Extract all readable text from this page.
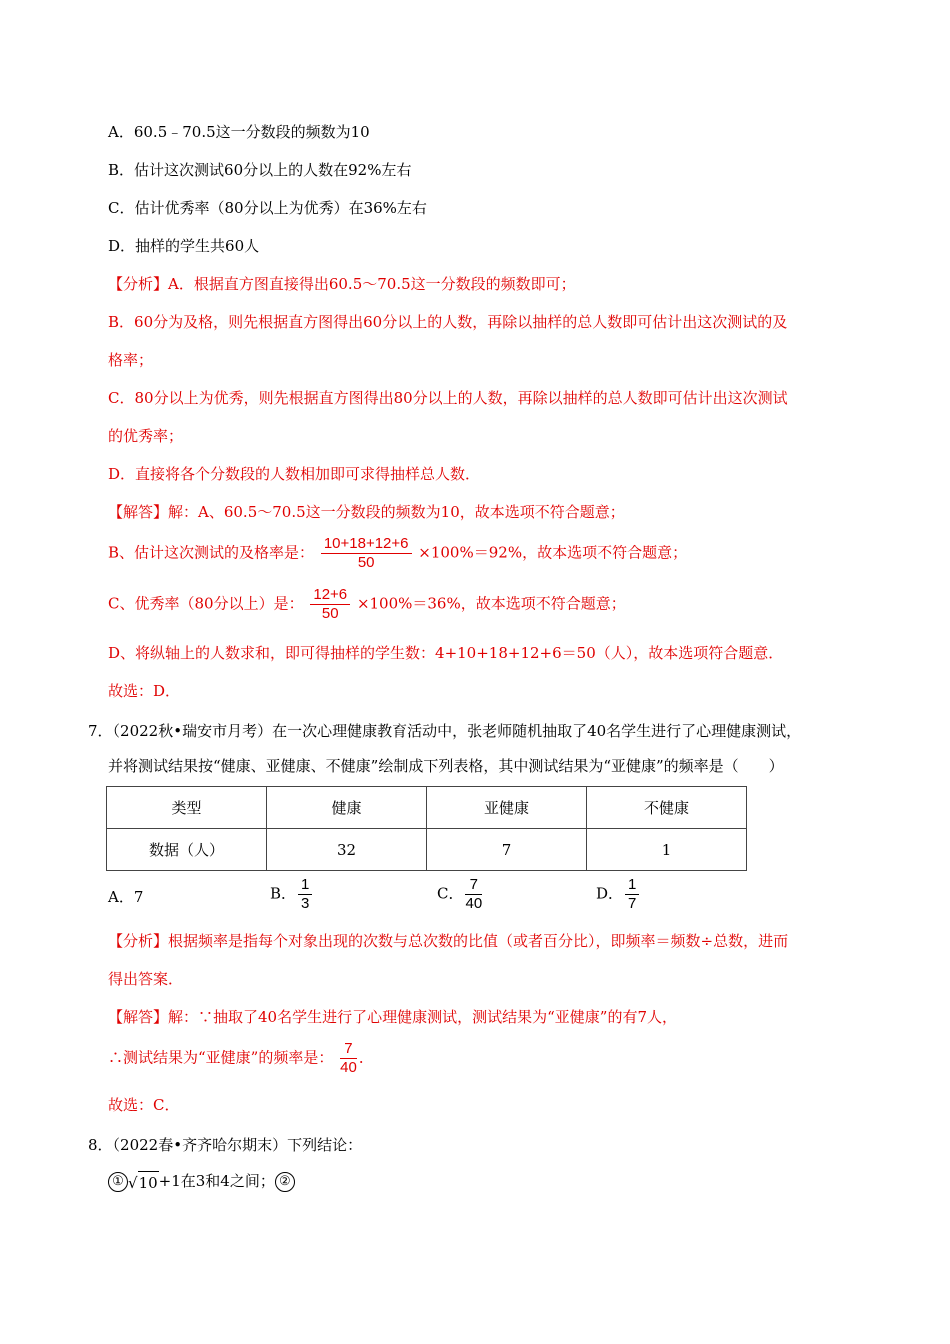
A．60.5﹣70.5这一分数段的频数为10
B．估计这次测试60分以上的人数在92%左右
C．估计优秀率（80分以上为优秀）在36%左右
D．抽样的学生共60人
【分析】A．根据直方图直接得出60.5～70.5这一分数段的频数即可；
B．60分为及格，则先根据直方图得出60分以上的人数，再除以抽样的总人数即可估计出这次测试的及
格率；
C．80分以上为优秀，则先根据直方图得出80分以上的人数，再除以抽样的总人数即可估计出这次测试
的优秀率；
D．直接将各个分数段的人数相加即可求得抽样总人数．
【解答】解：A、60.5～70.5这一分数段的频数为10，故本选项不符合题意；
B、估计这次测试的及格率是： $\frac{10+18+12+6}{50} \times 100\%=92\%$，故本选项不符合题意；
C、优秀率（80分以上）是： $\frac{12+6}{50} \times 100\%=36\%$，故本选项不符合题意；
D、将纵轴上的人数求和，即可得抽样的学生数：4+10+18+12+6＝50（人），故本选项符合题意．
故选：D．
7．（2022秋•瑞安市月考）在一次心理健康教育活动中，张老师随机抽取了40名学生进行了心理健康测试，
并将测试结果按“健康、亚健康、不健康”绘制成下列表格，其中测试结果为“亚健康”的频率是（　　）
类型	健康	亚健康	不健康
数据（人）	32	7	1
A．7	B． $\frac{1}{3}$	C． $\frac{7}{40}$	D． $\frac{1}{7}$
【分析】根据频率是指每个对象出现的次数与总次数的比值（或者百分比），即频率＝频数÷总数，进而
得出答案．
【解答】解：∵抽取了40名学生进行了心理健康测试，测试结果为“亚健康”的有7人，
∴测试结果为“亚健康”的频率是： $\frac{7}{40}$ ．
故选：C．
8．（2022春•齐齐哈尔期末）下列结论：
① √10+1在3和4之间； ②
